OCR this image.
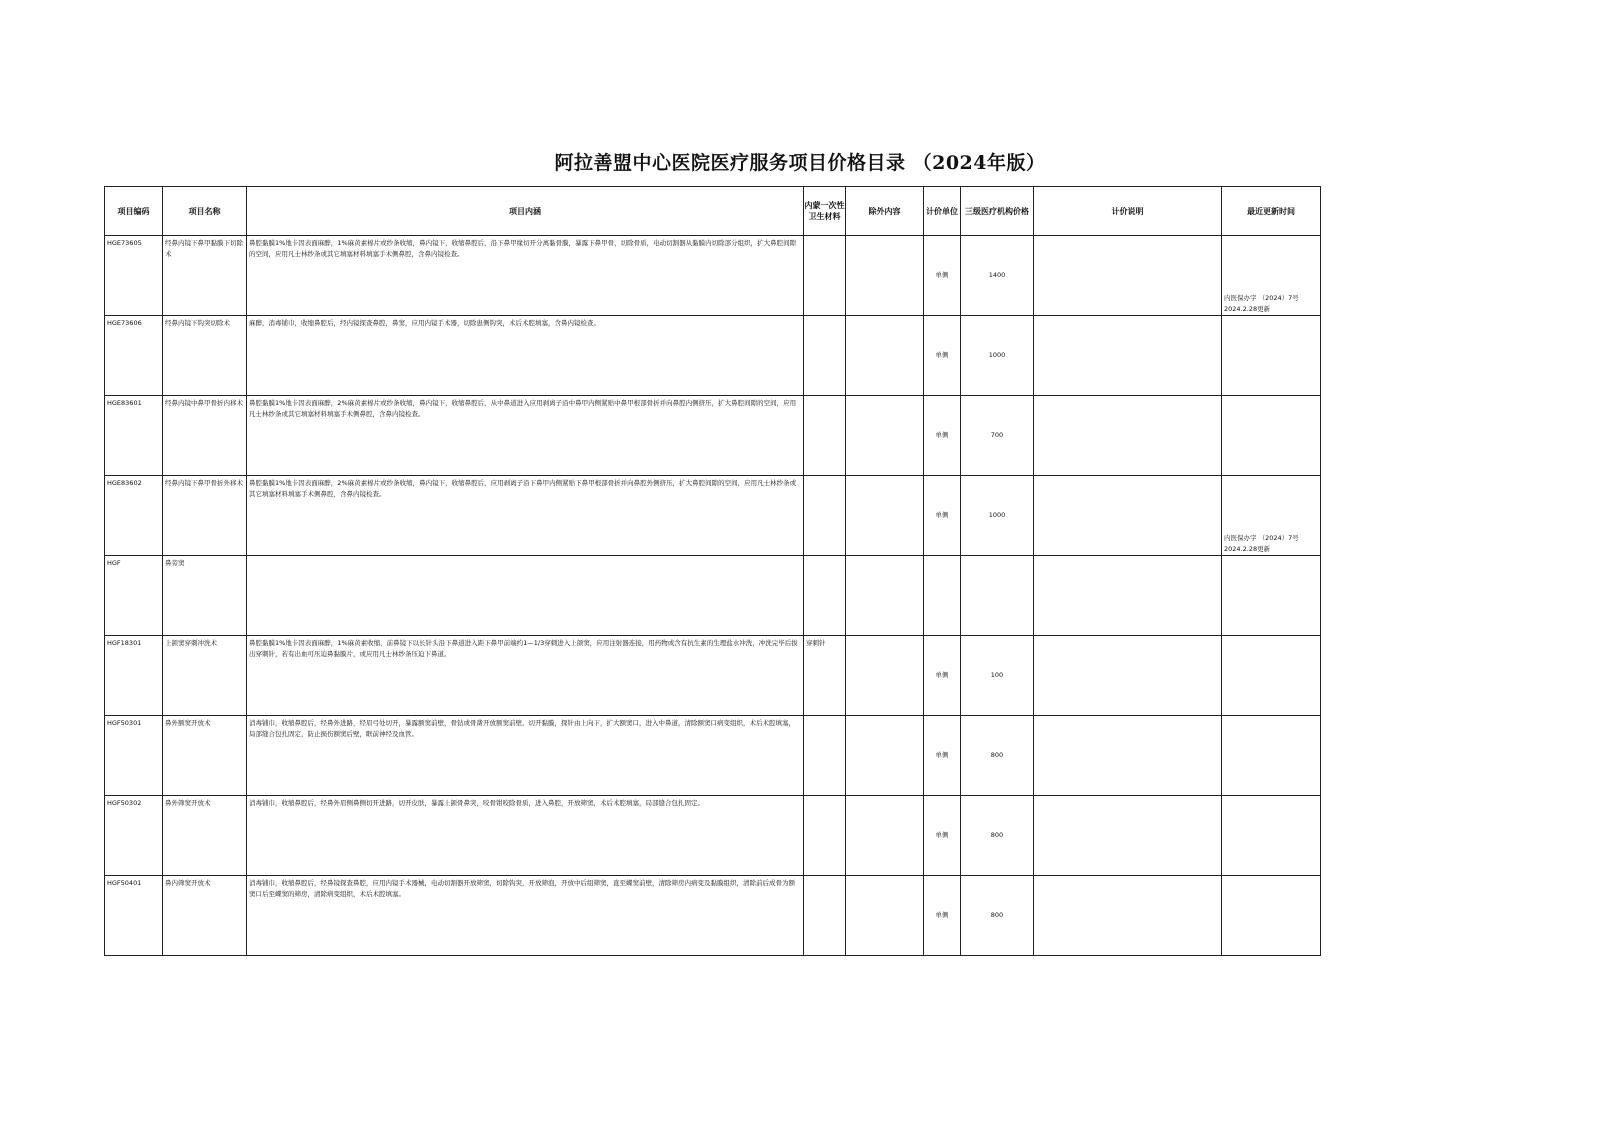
阿拉善盟中心医院医疗服务项目价格目录 （2024年版）
项目编码	项目名称	项目内涵	内蒙一次性卫生材料	除外内容	计价单位	三级医疗机构价格	计价说明	最近更新时间
HGE73605	经鼻内镜下鼻甲黏膜下切除术	鼻腔黏膜1%地卡因表面麻醉，1%麻黄素棉片或纱条收缩，鼻内镜下，收缩鼻腔后，沿下鼻甲缘切开分离黏骨膜，暴露下鼻甲骨，切除骨质，电动切割器从黏膜内切除部分组织，扩大鼻腔间隙的空间，应用凡士林纱条或其它填塞材料填塞手术侧鼻腔，含鼻内镜检查。			单侧	1400		内医保办字 （2024）7号 2024.2.28更新
HGE73606	经鼻内镜下钩突切除术	麻醉，消毒铺巾，收缩鼻腔后，经内镜探查鼻腔，鼻窦，应用内镜手术器，切除患侧钩突，术后术腔填塞，含鼻内镜检查。			单侧	1000		
HGE83601	经鼻内镜中鼻甲骨折内移术	鼻腔黏膜1%地卡因表面麻醉，2%麻黄素棉片或纱条收缩，鼻内镜下，收缩鼻腔后，从中鼻道进入应用剥离子沿中鼻甲内侧紧贴中鼻甲根部骨折并向鼻腔内侧挤压，扩大鼻腔间隙的空间，应用凡士林纱条或其它填塞材料填塞手术侧鼻腔，含鼻内镜检查。			单侧	700		
HGE83602	经鼻内镜下鼻甲骨折外移术	鼻腔黏膜1%地卡因表面麻醉，2%麻黄素棉片或纱条收缩，鼻内镜下，收缩鼻腔后，应用剥离子沿下鼻甲内侧紧贴下鼻甲根部骨折并向鼻腔外侧挤压，扩大鼻腔间隙的空间，应用凡士林纱条或其它填塞材料填塞手术侧鼻腔，含鼻内镜检查。			单侧	1000		内医保办字 （2024）7号 2024.2.28更新
HGF	鼻旁窦							
HGF18301	上颌窦穿刺冲洗术	鼻腔黏膜1%地卡因表面麻醉，1%麻黄素收缩，前鼻镜下以长针头沿下鼻道进入距下鼻甲前端约1—1/3穿刺进入上颌窦，应用注射器连接，用药物或含有抗生素的生理盐水冲洗，冲洗完毕后拔出穿刺针，若有出血可压迫鼻黏膜片，或应用凡士林纱条压迫下鼻道。	穿刺针		单侧	100		
HGF50301	鼻外额窦开放术	消毒铺巾，收缩鼻腔后，经鼻外进路，经眉弓处切开，暴露额窦前壁，骨钻或骨凿开放额窦前壁，切开黏膜，探针由上向下，扩大额窦口，进入中鼻道，清除额窦口病变组织，术后术腔填塞，局部缝合包扎固定，防止损伤额窦后壁，眶前神经及血管。			单侧	800		
HGF50302	鼻外筛窦开放术	消毒铺巾，收缩鼻腔后，经鼻外眉侧鼻侧切开进路，切开皮肤，暴露上颌骨鼻突，咬骨钳咬除骨质，进入鼻腔，开放筛窦，术后术腔填塞，局部缝合包扎固定。			单侧	800		
HGF50401	鼻内筛窦开放术	消毒铺巾，收缩鼻腔后，经鼻镜探查鼻腔，应用内镜手术器械，电动切割器开放筛窦，切除钩突，开放筛泡，开放中后组筛窦，直至蝶窦前壁，清除筛房内病变及黏膜组织，清除前后成骨为额窦口后至蝶窦的筛房，清除病变组织，术后术腔填塞。			单侧	800		
